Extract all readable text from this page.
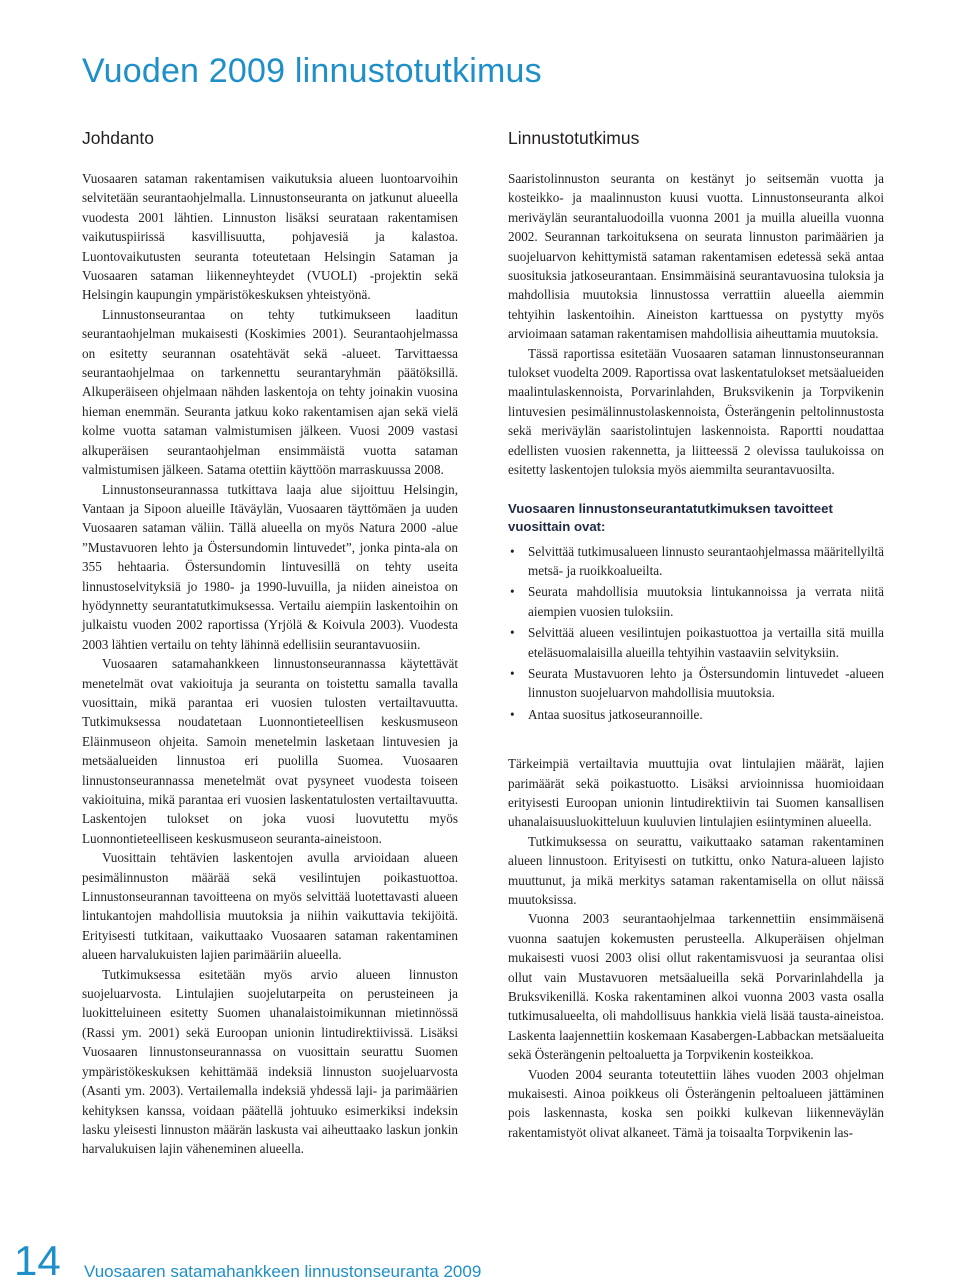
Vuoden 2009 linnustotutkimus
Johdanto

Vuosaaren sataman rakentamisen vaikutuksia alueen luontoarvoihin selvitetään seurantaohjelmalla. Linnustonseuranta on jatkunut alueella vuodesta 2001 lähtien. Linnuston lisäksi seurataan rakentamisen vaikutuspiirissä kasvillisuutta, pohjavesiä ja kalastoa. Luontovaikutusten seuranta toteutetaan Helsingin Sataman ja Vuosaaren sataman liikenneyhteydet (VUOLI) -projektin sekä Helsingin kaupungin ympäristökeskuksen yhteistyönä.

Linnustonseurantaa on tehty tutkimukseen laaditun seurantaohjelman mukaisesti (Koskimies 2001). Seurantaohjelmassa on esitetty seurannan osatehtävät sekä -alueet. Tarvittaessa seurantaohjelmaa on tarkennettu seurantaryhmän päätöksillä. Alkuperäiseen ohjelmaan nähden laskentoja on tehty joinakin vuosina hieman enemmän. Seuranta jatkuu koko rakentamisen ajan sekä vielä kolme vuotta sataman valmistumisen jälkeen. Vuosi 2009 vastasi alkuperäisen seurantaohjelman ensimmäistä vuotta sataman valmistumisen jälkeen. Satama otettiin käyttöön marraskuussa 2008.

Linnustonseurannassa tutkittava laaja alue sijoittuu Helsingin, Vantaan ja Sipoon alueille Itäväylän, Vuosaaren täyttömäen ja uuden Vuosaaren sataman väliin. Tällä alueella on myös Natura 2000 -alue ”Mustavuoren lehto ja Östersundomin lintuvedet”, jonka pinta-ala on 355 hehtaaria. Östersundomin lintuvesillä on tehty useita linnustoselvityksiä jo 1980- ja 1990-luvuilla, ja niiden aineistoa on hyödynnetty seurantatutkimuksessa. Vertailu aiempiin laskentoihin on julkaistu vuoden 2002 raportissa (Yrjölä & Koivula 2003). Vuodesta 2003 lähtien vertailu on tehty lähinnä edellisiin seurantavuosiin.

Vuosaaren satamahankkeen linnustonseurannassa käytettävät menetelmät ovat vakioituja ja seuranta on toistettu samalla tavalla vuosittain, mikä parantaa eri vuosien tulosten vertailtavuutta. Tutkimuksessa noudatetaan Luonnontieteellisen keskusmuseon Eläinmuseon ohjeita. Samoin menetelmin lasketaan lintuvesien ja metsäalueiden linnustoa eri puolilla Suomea. Vuosaaren linnustonseurannassa menetelmät ovat pysyneet vuodesta toiseen vakioituina, mikä parantaa eri vuosien laskentatulosten vertailtavuutta. Laskentojen tulokset on joka vuosi luovutettu myös Luonnontieteelliseen keskusmuseon seuranta-aineistoon.

Vuosittain tehtävien laskentojen avulla arvioidaan alueen pesimälinnuston määrää sekä vesilintujen poikastuottoa. Linnustonseurannan tavoitteena on myös selvittää luotettavasti alueen lintukantojen mahdollisia muutoksia ja niihin vaikuttavia tekijöitä. Erityisesti tutkitaan, vaikuttaako Vuosaaren sataman rakentaminen alueen harvalukuisten lajien parimääriin alueella.

Tutkimuksessa esitetään myös arvio alueen linnuston suojeluarvosta. Lintulajien suojelutarpeita on perusteineen ja luokitteluineen esitetty Suomen uhanalaistoimikunnan mietinnössä (Rassi ym. 2001) sekä Euroopan unionin lintudirektiivissä. Lisäksi Vuosaaren linnustonseurannassa on vuosittain seurattu Suomen ympäristökeskuksen kehittämää indeksiä linnuston suojeluarvosta (Asanti ym. 2003). Vertailemalla indeksiä yhdessä laji- ja parimäärien kehityksen kanssa, voidaan päätellä johtuuko esimerkiksi indeksin lasku yleisesti linnuston määrän laskusta vai aiheuttaako laskun jonkin harvalukuisen lajin väheneminen alueella.

Linnustotutkimus

Saaristolinnuston seuranta on kestänyt jo seitsemän vuotta ja kosteikko- ja maalinnuston kuusi vuotta. Linnustonseuranta alkoi meriväylän seurantaluodoilla vuonna 2001 ja muilla alueilla vuonna 2002. Seurannan tarkoituksena on seurata linnuston parimäärien ja suojeluarvon kehittymistä sataman rakentamisen edetessä sekä antaa suosituksia jatkoseurantaan. Ensimmäisinä seurantavuosina tuloksia ja mahdollisia muutoksia linnustossa verrattiin alueella aiemmin tehtyihin laskentoihin. Aineiston karttuessa on pystytty myös arvioimaan sataman rakentamisen mahdollisia aiheuttamia muutoksia.

Tässä raportissa esitetään Vuosaaren sataman linnustonseurannan tulokset vuodelta 2009. Raportissa ovat laskentatulokset metsäalueiden maalintulaskennoista, Porvarinlahden, Bruksvikenin ja Torpvikenin lintuvesien pesimälinnustolaskennoista, Österängenin peltolinnustosta sekä meriväylän saaristolintujen laskennoista. Raportti noudattaa edellisten vuosien rakennetta, ja liitteessä 2 olevissa taulukoissa on esitetty laskentojen tuloksia myös aiemmilta seurantavuosilta.

Vuosaaren linnustonseurantatutkimuksen tavoitteet vuosittain ovat:
• Selvittää tutkimusalueen linnusto seurantaohjelmassa määritellyiltä metsä- ja ruoikkoalueilta.
• Seurata mahdollisia muutoksia lintukannoissa ja verrata niitä aiempien vuosien tuloksiin.
• Selvittää alueen vesilintujen poikastuottoa ja vertailla sitä muilla eteläsuomalaisilla alueilla tehtyihin vastaaviin selvityksiin.
• Seurata Mustavuoren lehto ja Östersundomin lintuvedet -alueen linnuston suojeluarvon mahdollisia muutoksia.
• Antaa suositus jatkoseurannoille.

Tärkeimpiä vertailtavia muuttujia ovat lintulajien määrät, lajien parimäärät sekä poikastuotto. Lisäksi arvioinnissa huomioidaan erityisesti Euroopan unionin lintudirektiivin tai Suomen kansallisen uhanalaisuusluokitteluun kuuluvien lintulajien esiintyminen alueella.

Tutkimuksessa on seurattu, vaikuttaako sataman rakentaminen alueen linnustoon. Erityisesti on tutkittu, onko Natura-alueen lajisto muuttunut, ja mikä merkitys sataman rakentamisella on ollut näissä muutoksissa.

Vuonna 2003 seurantaohjelmaa tarkennettiin ensimmäisenä vuonna saatujen kokemusten perusteella. Alkuperäisen ohjelman mukaisesti vuosi 2003 olisi ollut rakentamisvuosi ja seurantaa olisi ollut vain Mustavuoren metsäalueilla sekä Porvarinlahdella ja Bruksvikenillä. Koska rakentaminen alkoi vuonna 2003 vasta osalla tutkimusalueelta, oli mahdollisuus hankkia vielä lisää tausta-aineistoa. Laskenta laajennettiin koskemaan Kasabergen-Labbackan metsäalueita sekä Österängenin peltoaluetta ja Torpvikenin kosteikkoa.

Vuoden 2004 seuranta toteutettiin lähes vuoden 2003 ohjelman mukaisesti. Ainoa poikkeus oli Österängenin peltoalueen jättäminen pois laskennasta, koska sen poikki kulkevan liikenneväylän rakentamistyöt olivat alkaneet. Tämä ja toisaalta Torpvikenin las-

14 Vuosaaren satamahankkeen linnustonseuranta 2009
